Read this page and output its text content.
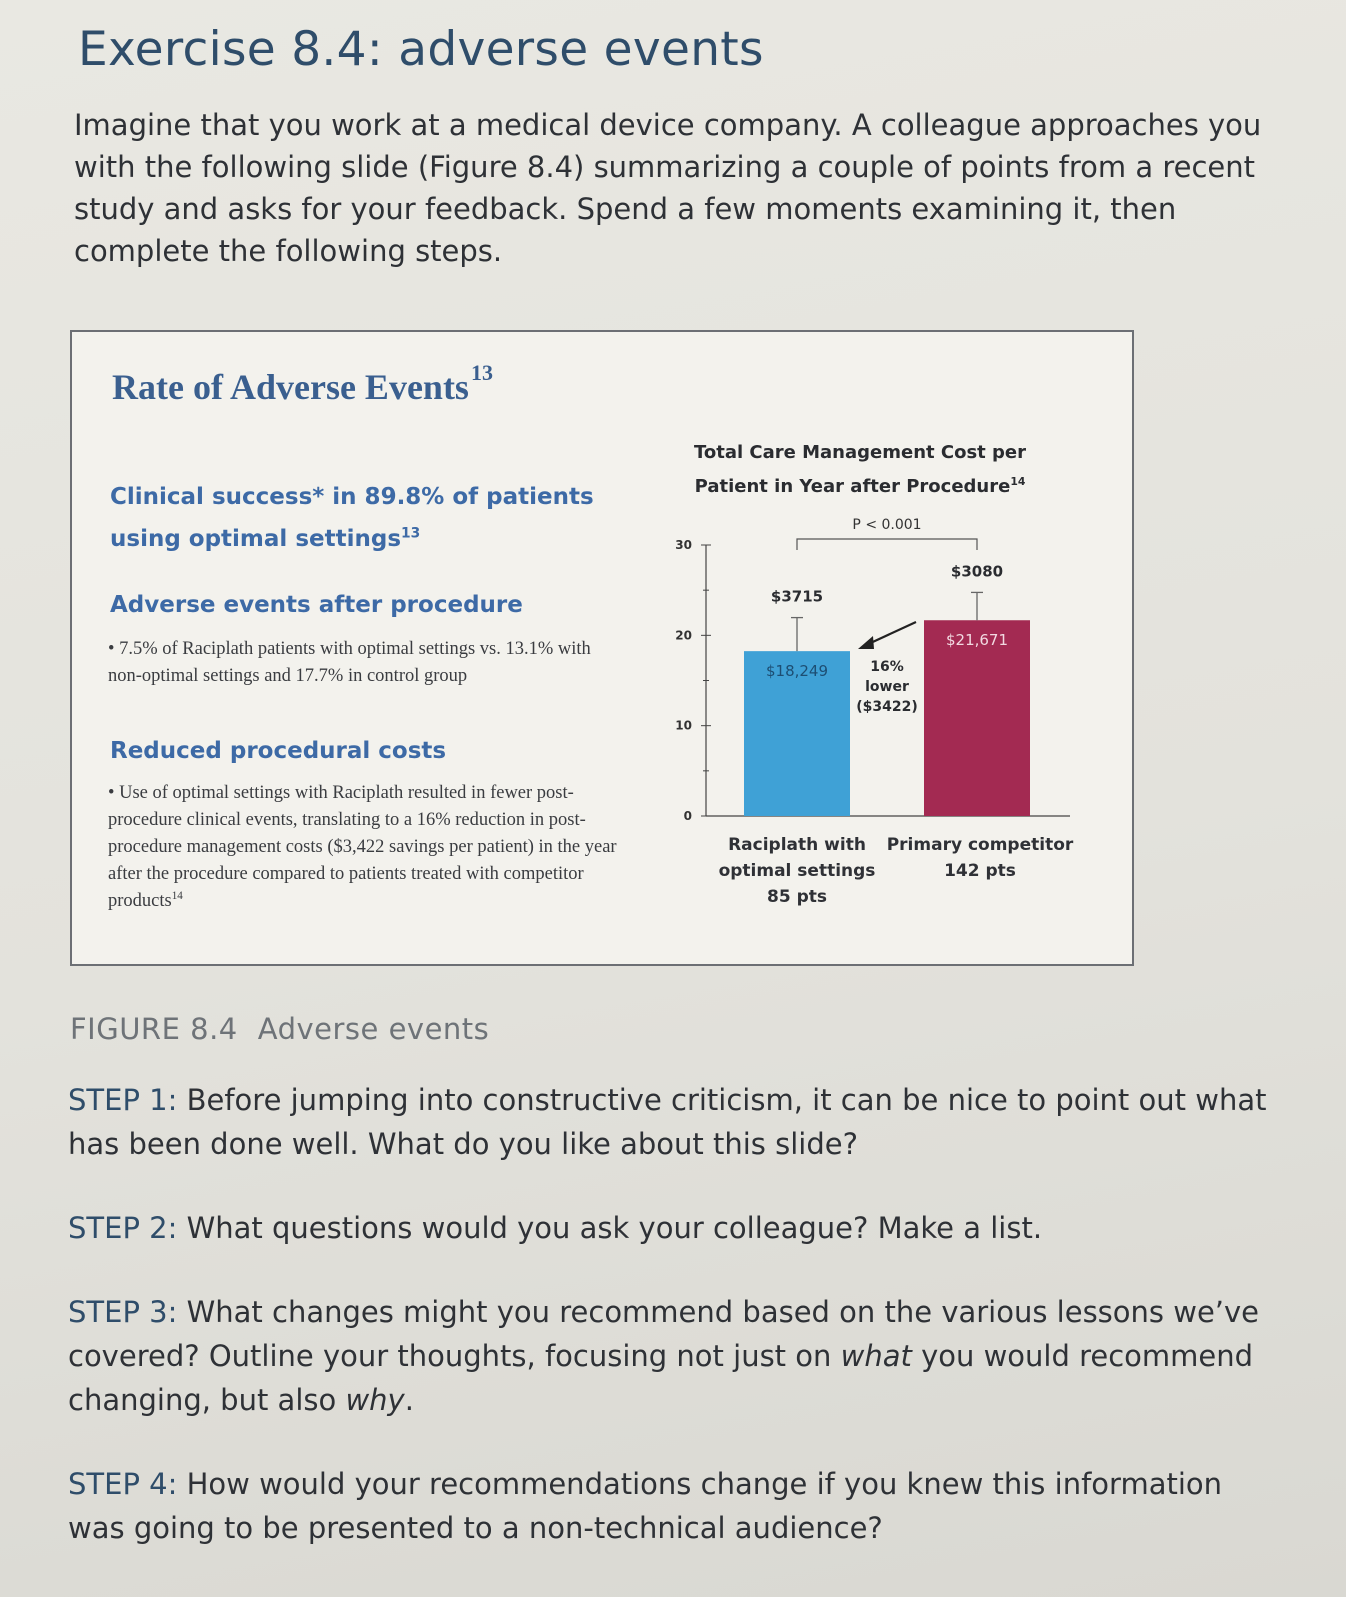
Exercise 8.4: adverse events

Imagine that you work at a medical device company. A colleague approaches you with the following slide (Figure 8.4) summarizing a couple of points from a recent study and asks for your feedback. Spend a few moments examining it, then complete the following steps.

Rate of Adverse Events$^{13}$
Clinical success* in 89.8% of patients
using optimal settings$^{13}$
Adverse events after procedure
• 7.5% of Raciplath patients with optimal settings vs. 13.1% with non-optimal settings and 17.7% in control group
Reduced procedural costs
• Use of optimal settings with Raciplath resulted in fewer post-procedure clinical events, translating to a 16% reduction in post-procedure management costs ($3,422 savings per patient) in the year after the procedure compared to patients treated with competitor products$^{14}$
Total Care Management Cost per
Patient in Year after Procedure$^{14}$
0
10
20
30
$18,249
$3715
$21,671
$3080
P < 0.001
16%
lower
($3422)
Raciplath with
optimal settings
85 pts
Primary competitor
142 pts
FIGURE 8.4 Adverse events

STEP 1: Before jumping into constructive criticism, it can be nice to point out what has been done well. What do you like about this slide?

STEP 2: What questions would you ask your colleague? Make a list.

STEP 3: What changes might you recommend based on the various lessons we’ve covered? Outline your thoughts, focusing not just on what you would recommend changing, but also why.

STEP 4: How would your recommendations change if you knew this information was going to be presented to a non-technical audience?
